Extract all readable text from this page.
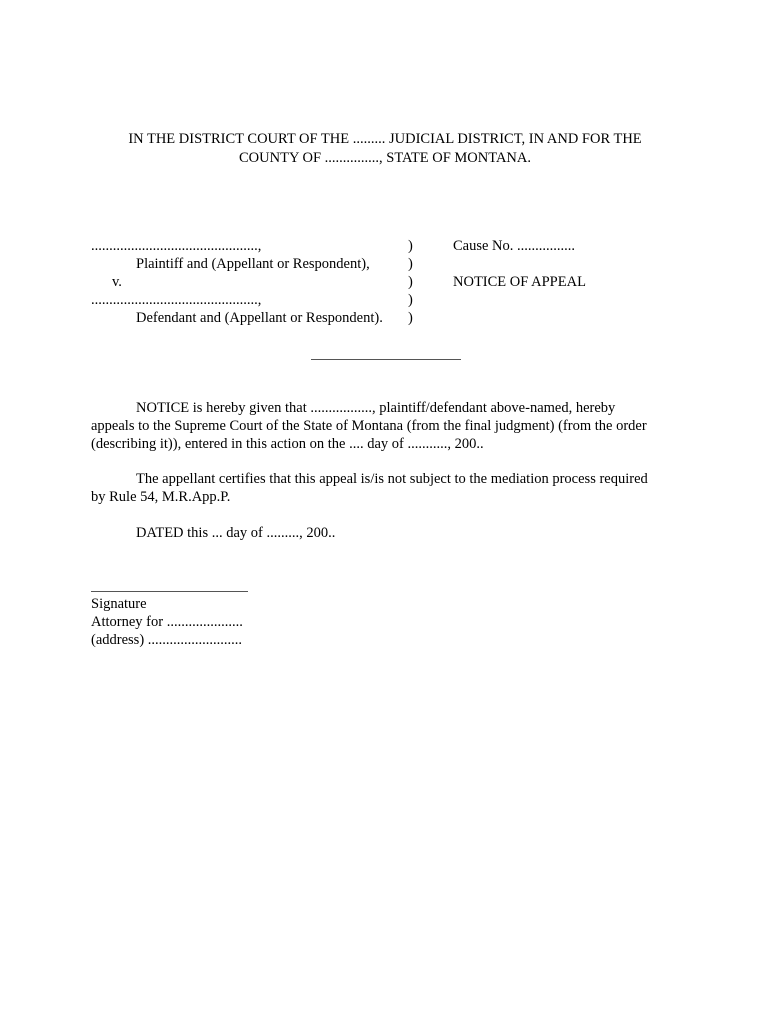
IN THE DISTRICT COURT OF THE ......... JUDICIAL DISTRICT, IN AND FOR THE
COUNTY OF ..............., STATE OF MONTANA.
..............................................,
Plaintiff and (Appellant or Respondent),
v.
..............................................,
Defendant and (Appellant or Respondent).
)
)
)
)
)
Cause No. ................
NOTICE OF APPEAL
NOTICE is hereby given that ................., plaintiff/defendant above-named, hereby
appeals to the Supreme Court of the State of Montana (from the final judgment) (from the order
(describing it)), entered in this action on the .... day of ..........., 200..
The appellant certifies that this appeal is/is not subject to the mediation process required
by Rule 54, M.R.App.P.
DATED this ... day of ........., 200..
Signature
Attorney for .....................
(address) ..........................
